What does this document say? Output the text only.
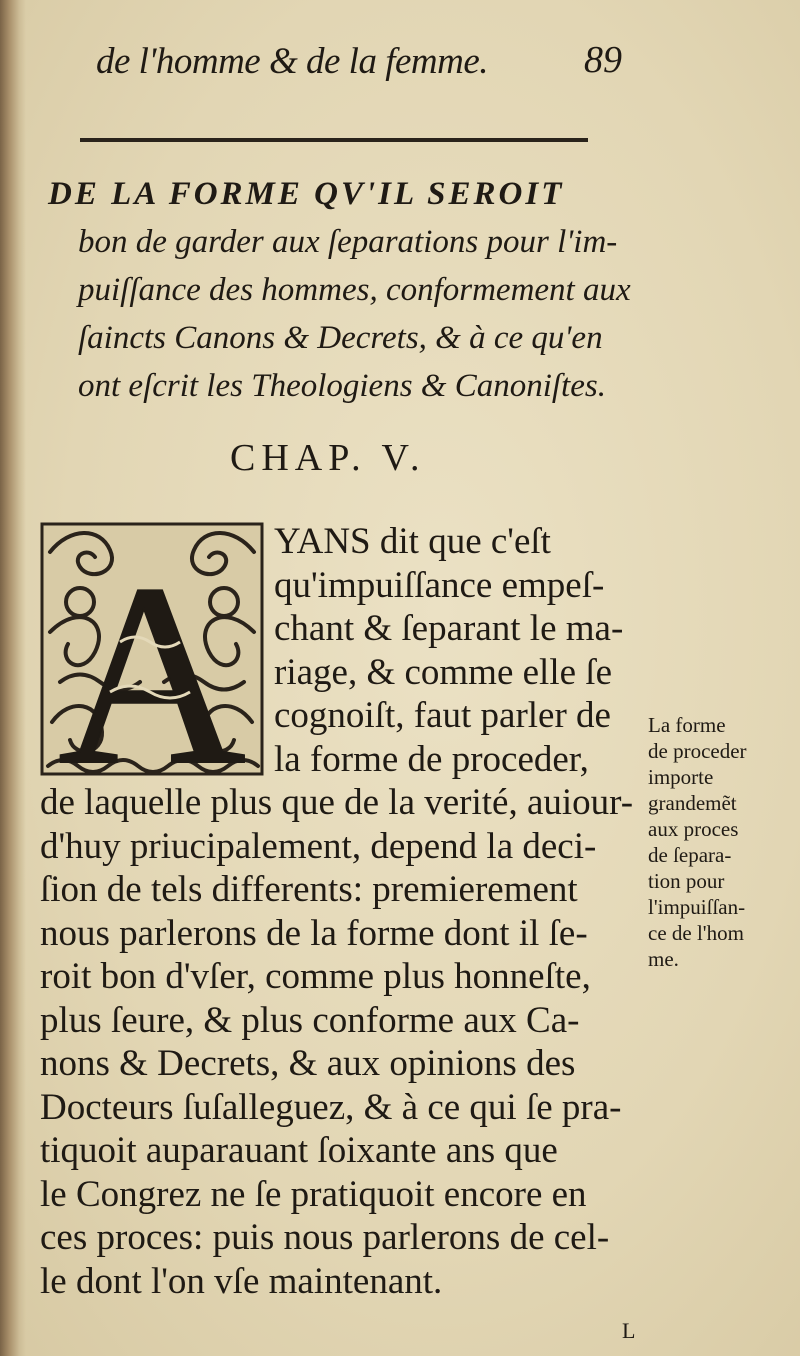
de l'homme & de la femme.	89
DE LA FORME QV'IL SEROIT
bon de garder aux ſeparations pour l'im-
puiſſance des hommes, conformement aux
ſaincts Canons & Decrets, & à ce qu'en
ont eſcrit les Theologiens & Canoniſtes.
CHAP. V.
A YANS dit que c'eſt
qu'impuiſſance empeſ-
chant & ſeparant le ma-
riage, & comme elle ſe
cognoiſt, faut parler de
la forme de proceder,
de laquelle plus que de la verité, auiour-
d'huy priucipalement, depend la deci-
ſion de tels differents: premierement
nous parlerons de la forme dont il ſe-
roit bon d'vſer, comme plus honneſte,
plus ſeure, & plus conforme aux Ca-
nons & Decrets, & aux opinions des
Docteurs ſuſalleguez, & à ce qui ſe pra-
tiquoit auparauant ſoixante ans que
le Congrez ne ſe pratiquoit encore en
ces proces: puis nous parlerons de cel-
le dont l'on vſe maintenant.
La forme
de proceder
importe
grandemẽt
aux proces
de ſepara-
tion pour
l'impuiſſan-
ce de l'hom
me.
L
